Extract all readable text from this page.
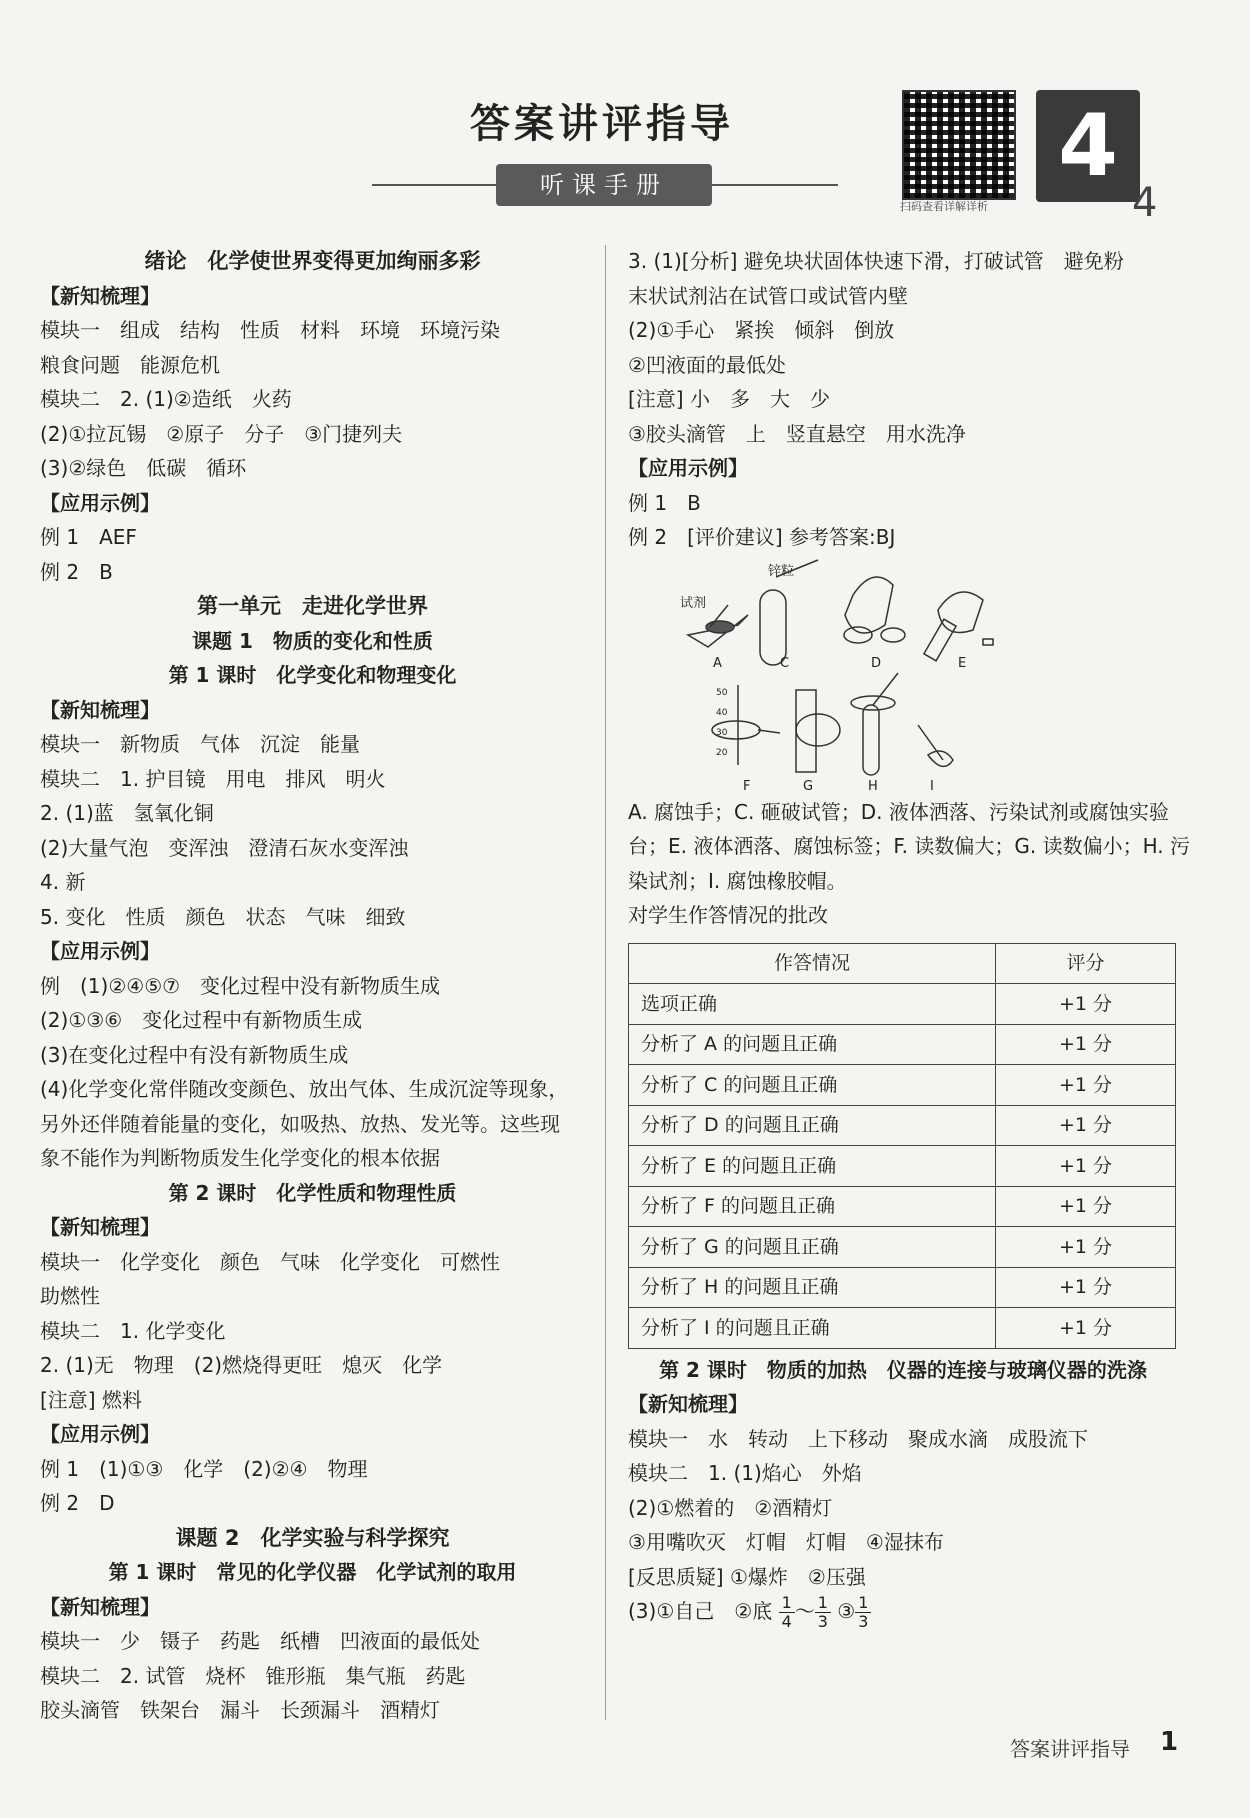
答案讲评指导
听课手册
扫码查看详解详析
4
4
绪论　化学使世界变得更加绚丽多彩
【新知梳理】
模块一　组成　结构　性质　材料　环境　环境污染
粮食问题　能源危机
模块二　2. (1)②造纸　火药
(2)①拉瓦锡　②原子　分子　③门捷列夫
(3)②绿色　低碳　循环
【应用示例】
例 1　AEF
例 2　B
第一单元　走进化学世界
课题 1　物质的变化和性质
第 1 课时　化学变化和物理变化
【新知梳理】
模块一　新物质　气体　沉淀　能量
模块二　1. 护目镜　用电　排风　明火
2. (1)蓝　氢氧化铜
(2)大量气泡　变浑浊　澄清石灰水变浑浊
4. 新
5. 变化　性质　颜色　状态　气味　细致
【应用示例】
例　(1)②④⑤⑦　变化过程中没有新物质生成
(2)①③⑥　变化过程中有新物质生成
(3)在变化过程中有没有新物质生成
(4)化学变化常伴随改变颜色、放出气体、生成沉淀等现象，
另外还伴随着能量的变化，如吸热、放热、发光等。这些现
象不能作为判断物质发生化学变化的根本依据
第 2 课时　化学性质和物理性质
【新知梳理】
模块一　化学变化　颜色　气味　化学变化　可燃性
助燃性
模块二　1. 化学变化
2. (1)无　物理　(2)燃烧得更旺　熄灭　化学
[注意] 燃料
【应用示例】
例 1　(1)①③　化学　(2)②④　物理
例 2　D
课题 2　化学实验与科学探究
第 1 课时　常见的化学仪器　化学试剂的取用
【新知梳理】
模块一　少　镊子　药匙　纸槽　凹液面的最低处
模块二　2. 试管　烧杯　锥形瓶　集气瓶　药匙
胶头滴管　铁架台　漏斗　长颈漏斗　酒精灯
3. (1)[分析] 避免块状固体快速下滑，打破试管　避免粉
末状试剂沾在试管口或试管内壁
(2)①手心　紧挨　倾斜　倒放
②凹液面的最低处
[注意] 小　多　大　少
③胶头滴管　上　竖直悬空　用水洗净
【应用示例】
例 1　B
例 2　[评价建议] 参考答案:BJ
试剂
锌粒
A	C	D	E
F	G	H	I
50
40
30
20
A. 腐蚀手；C. 砸破试管；D. 液体洒落、污染试剂或腐蚀实验
台；E. 液体洒落、腐蚀标签；F. 读数偏大；G. 读数偏小；H. 污
染试剂；I. 腐蚀橡胶帽。
对学生作答情况的批改
作答情况	评分
选项正确	+1 分
分析了 A 的问题且正确	+1 分
分析了 C 的问题且正确	+1 分
分析了 D 的问题且正确	+1 分
分析了 E 的问题且正确	+1 分
分析了 F 的问题且正确	+1 分
分析了 G 的问题且正确	+1 分
分析了 H 的问题且正确	+1 分
分析了 I 的问题且正确	+1 分
第 2 课时　物质的加热　仪器的连接与玻璃仪器的洗涤
【新知梳理】
模块一　水　转动　上下移动　聚成水滴　成股流下
模块二　1. (1)焰心　外焰
(2)①燃着的　②酒精灯
③用嘴吹灭　灯帽　灯帽　④湿抹布
[反思质疑] ①爆炸　②压强
(3)①自己　②底 $\frac{1}{4}$ ～ $\frac{1}{3}$ ③ $\frac{1}{3}$
答案讲评指导 1
